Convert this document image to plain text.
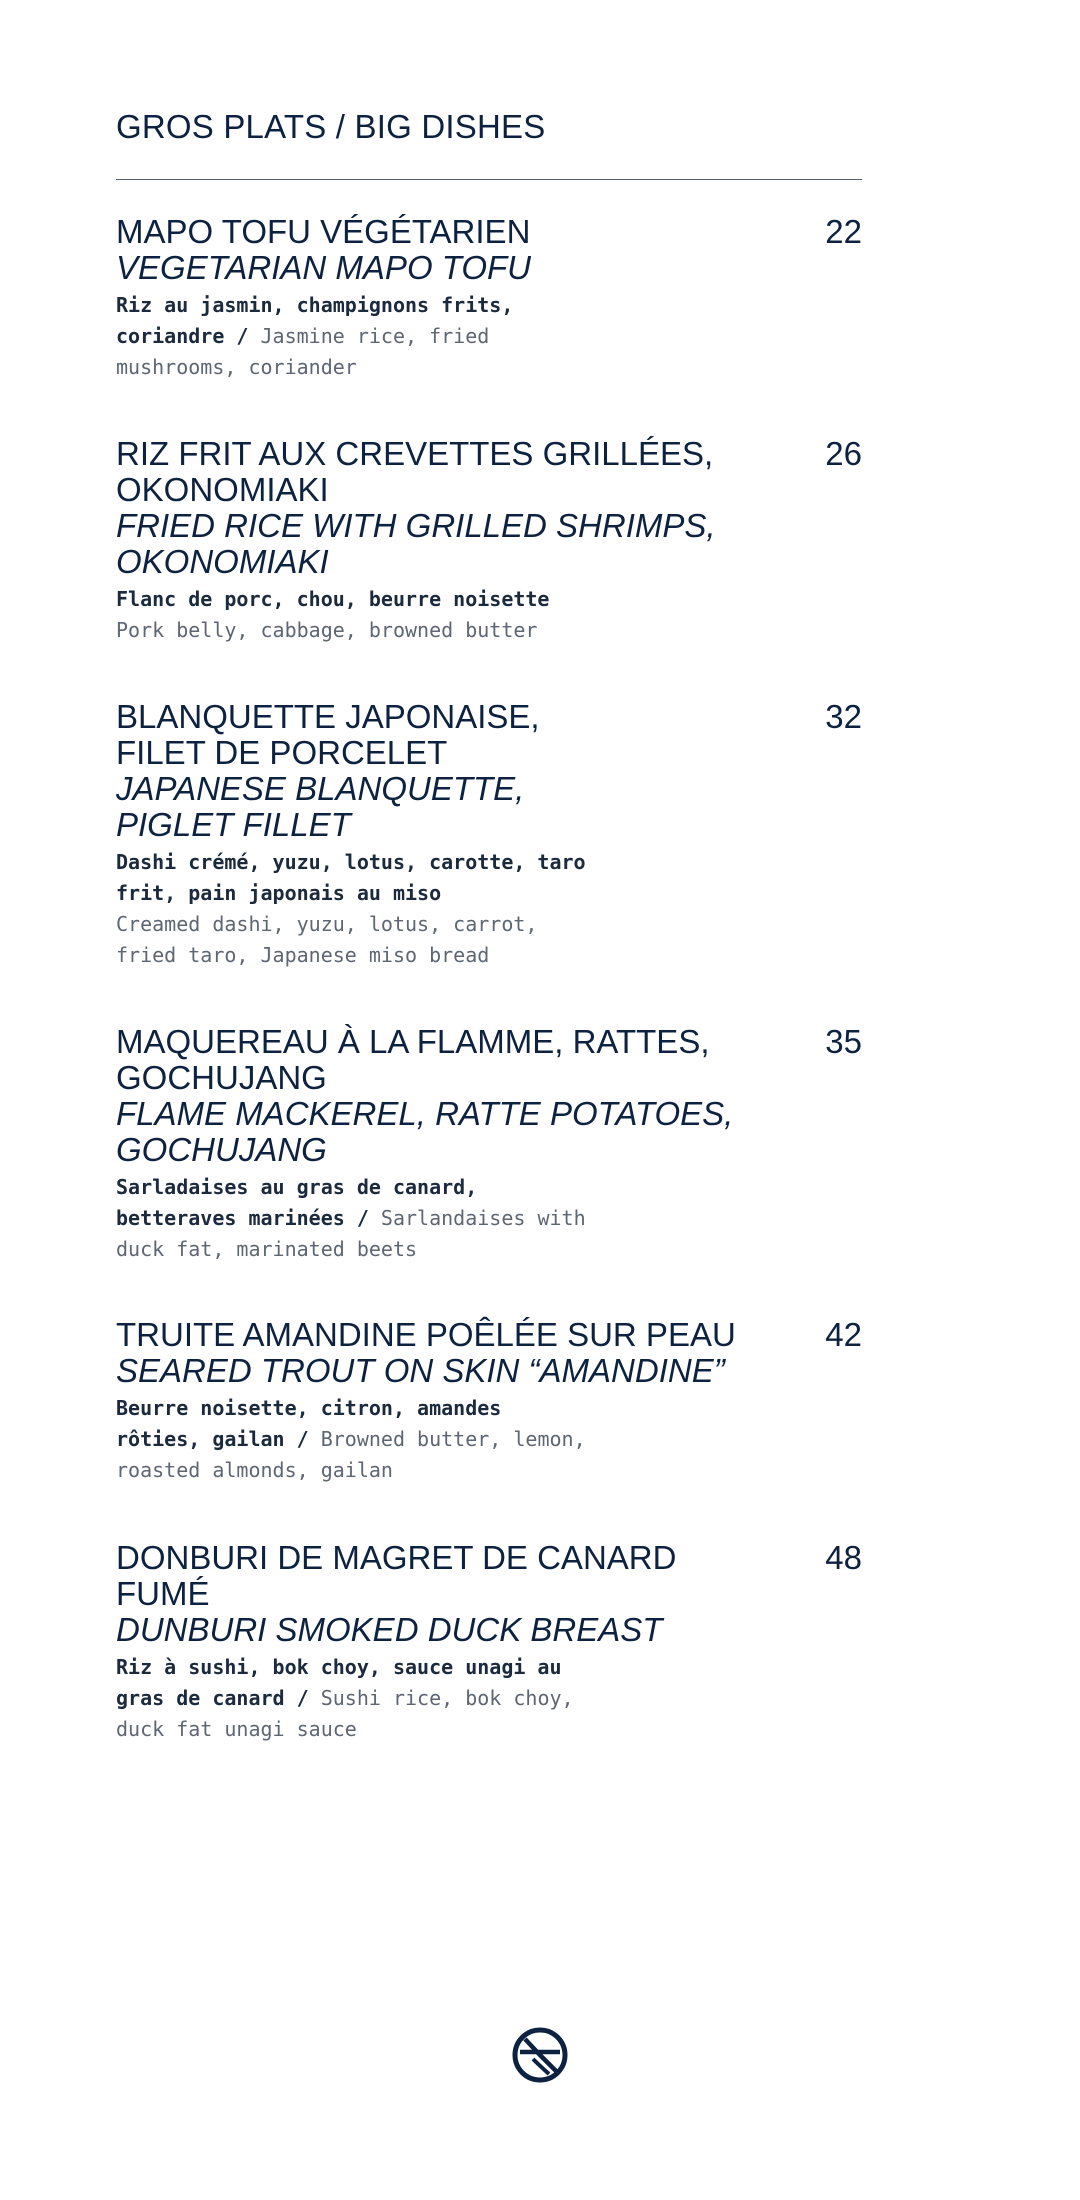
GROS PLATS / BIG DISHES
MAPO TOFU VÉGÉTARIEN	22
VEGETARIAN MAPO TOFU
Riz au jasmin, champignons frits, coriandre / Jasmine rice, fried mushrooms, coriander
RIZ FRIT AUX CREVETTES GRILLÉES, OKONOMIAKI
26
FRIED RICE WITH GRILLED SHRIMPS, OKONOMIAKI
Flanc de porc, chou, beurre noisette
Pork belly, cabbage, browned butter
BLANQUETTE JAPONAISE, FILET DE PORCELET
32
JAPANESE BLANQUETTE, PIGLET FILLET
Dashi crémé, yuzu, lotus, carotte, taro frit, pain japonais au miso
Creamed dashi, yuzu, lotus, carrot, fried taro, Japanese miso bread
MAQUEREAU À LA FLAMME, RATTES, GOCHUJANG
35
FLAME MACKEREL, RATTE POTATOES, GOCHUJANG
Sarladaises au gras de canard, betteraves marinées / Sarlandaises with duck fat, marinated beets
TRUITE AMANDINE POÊLÉE SUR PEAU	42
SEARED TROUT ON SKIN “AMANDINE”
Beurre noisette, citron, amandes rôties, gailan / Browned butter, lemon, roasted almonds, gailan
DONBURI DE MAGRET DE CANARD FUMÉ
48
DUNBURI SMOKED DUCK BREAST
Riz à sushi, bok choy, sauce unagi au gras de canard / Sushi rice, bok choy, duck fat unagi sauce
